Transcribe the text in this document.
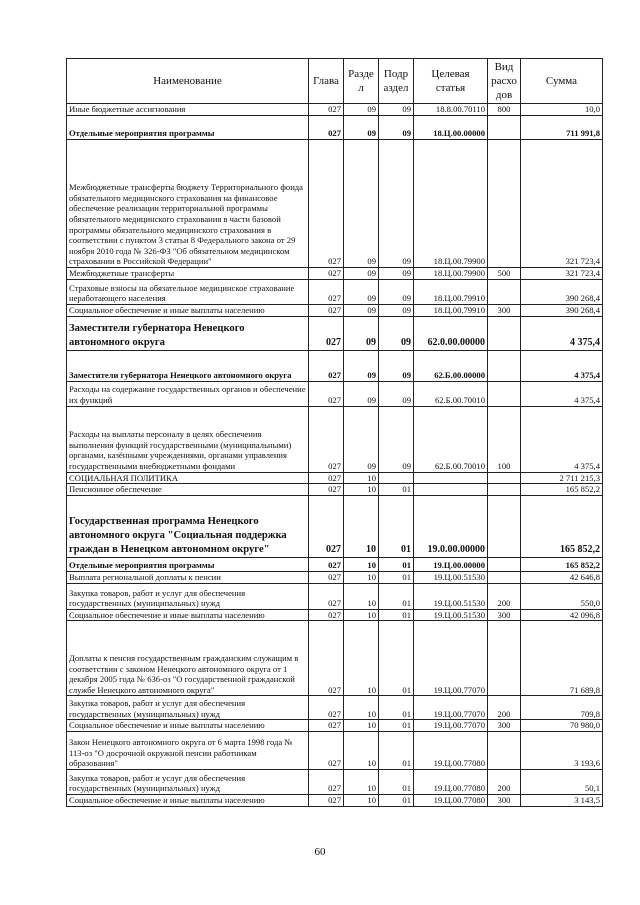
Наименование	Глава	Разде л	Подр аздел	Целевая статья	Вид расхо дов	Сумма
Иные бюджетные ассигнования	027	09	09	18.8.00.70110	800	10,0
Отдельные мероприятия программы	027	09	09	18.Ц.00.00000		711 991,8
Межбюджетные трансферты бюджету Территориального фонда обязательного медицинского страхования на финансовое обеспечение реализации территориальной программы обязательного медицинского страхования в части базовой программы обязательного медицинского страхования в соответствии с пунктом 3 статьи 8 Федерального закона от 29 ноября 2010 года № 326-ФЗ "Об обязательном медицинском страховании в Российской Федерации"	027	09	09	18.Ц.00.79900		321 723,4
Межбюджетные трансферты	027	09	09	18.Ц.00.79900	500	321 723,4
Страховые взносы на обязательное медицинское страхование неработающего населения	027	09	09	18.Ц.00.79910		390 268,4
Социальное обеспечение и иные выплаты населению	027	09	09	18.Ц.00.79910	300	390 268,4
Заместители губернатора Ненецкого автономного округа	027	09	09	62.0.00.00000		4 375,4
Заместители губернатора Ненецкого автономного округа	027	09	09	62.Б.00.00000		4 375,4
Расходы на содержание государственных органов и обеспечение их функций	027	09	09	62.Б.00.70010		4 375,4
Расходы на выплаты персоналу в целях обеспечения выполнения функций государственными (муниципальными) органами, казёнными учреждениями, органами управления государственными внебюджетными фондами	027	09	09	62.Б.00.70010	100	4 375,4
СОЦИАЛЬНАЯ ПОЛИТИКА	027	10				2 711 215,3
Пенсионное обеспечение	027	10	01			165 852,2
Государственная программа Ненецкого автономного округа "Социальная поддержка граждан в Ненецком автономном округе"	027	10	01	19.0.00.00000		165 852,2
Отдельные мероприятия программы	027	10	01	19.Ц.00.00000		165 852,2
Выплата региональной доплаты к пенсии	027	10	01	19.Ц.00.51530		42 646,8
Закупка товаров, работ и услуг для обеспечения государственных (муниципальных) нужд	027	10	01	19.Ц.00.51530	200	550,0
Социальное обеспечение и иные выплаты населению	027	10	01	19.Ц.00.51530	300	42 096,8
Доплаты к пенсия государственным гражданским служащим в соответствии с законом Ненецкого автономного округа от 1 декабря 2005 года № 636-оз "О государственной гражданской службе Ненецкого автономного округа"	027	10	01	19.Ц.00.77070		71 689,8
Закупка товаров, работ и услуг для обеспечения государственных (муниципальных) нужд	027	10	01	19.Ц.00.77070	200	709,8
Социальное обеспечение и иные выплаты населению	027	10	01	19.Ц.00.77070	300	70 980,0
Закон Ненецкого автономного округа от 6 марта 1998 года № 113-оз "О досрочной окружной пенсии работникам образования"	027	10	01	19.Ц.00.77080		3 193,6
Закупка товаров, работ и услуг для обеспечения государственных (муниципальных) нужд	027	10	01	19.Ц.00.77080	200	50,1
Социальное обеспечение и иные выплаты населению	027	10	01	19.Ц.00.77080	300	3 143,5
60
